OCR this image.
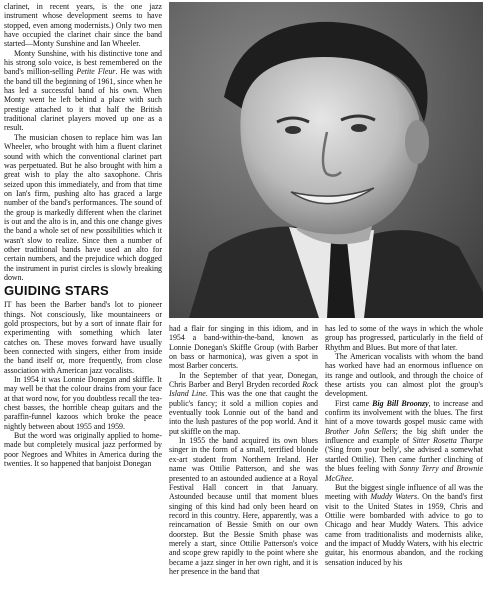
clarinet, in recent years, is the one jazz instrument whose development seems to have stopped, even among modernists.) Only two men have occupied the clarinet chair since the band started—Monty Sunshine and Ian Wheeler.

Monty Sunshine, with his distinctive tone and his strong solo voice, is best remembered on the band's million-selling Petite Fleur. He was with the band till the beginning of 1961, since when he has led a successful band of his own. When Monty went he left behind a place with such prestige attached to it that half the British traditional clarinet players moved up one as a result.

The musician chosen to replace him was Ian Wheeler, who brought with him a fluent clarinet sound with which the conventional clarinet part was perpetuated. But he also brought with him a great wish to play the alto saxophone. Chris seized upon this immediately, and from that time on Ian's firm, pushing alto has graced a large number of the band's performances. The sound of the group is markedly different when the clarinet is out and the alto is in, and this one change gives the band a whole set of new possibilities which it wasn't slow to realize. Since then a number of other traditional bands have used an alto for certain numbers, and the prejudice which dogged the instrument in purist circles is slowly breaking down.

GUIDING STARS

IT has been the Barber band's lot to pioneer things. Not consciously, like mountaineers or gold prospectors, but by a sort of innate flair for experimenting with something which later catches on. These moves forward have usually been connected with singers, either from inside the band itself or, more frequently, from close association with American jazz vocalists.

In 1954 it was Lonnie Donegan and skiffle. It may well be that the colour drains from your face at that word now, for you doubtless recall the tea-chest basses, the horrible cheap guitars and the paraffin-funnel kazoos which broke the peace nightly between about 1955 and 1959.

But the word was originally applied to home-made but completely musical jazz performed by poor Negroes and Whites in America during the twenties. It so happened that banjoist Donegan

had a flair for singing in this idiom, and in 1954 a band-within-the-band, known as Lonnie Donegan's Skiffle Group (with Barber on bass or harmonica), was given a spot in most Barber concerts.

In the September of that year, Donegan, Chris Barber and Beryl Bryden recorded Rock Island Line. This was the one that caught the public's fancy; it sold a million copies and eventually took Lonnie out of the band and into the lush pastures of the pop world. And it put skiffle on the map.

In 1955 the band acquired its own blues singer in the form of a small, terrified blonde ex-art student from Northern Ireland. Her name was Ottilie Patterson, and she was presented to an astounded audience at a Royal Festival Hall concert in that January. Astounded because until that moment blues singing of this kind had only been heard on record in this country. Here, apparently, was a reincarnation of Bessie Smith on our own doorstep. But the Bessie Smith phase was merely a start, since Ottilie Patterson's voice and scope grew rapidly to the point where she became a jazz singer in her own right, and it is her presence in the band that

has led to some of the ways in which the whole group has progressed, particularly in the field of Rhythm and Blues. But more of that later.

The American vocalists with whom the band has worked have had an enormous influence on its range and outlook, and through the choice of these artists you can almost plot the group's development.

First came Big Bill Broonzy, to increase and confirm its involvement with the blues. The first hint of a move towards gospel music came with Brother John Sellers; the big shift under the influence and example of Sitter Rosetta Tharpe ('Sing from your belly', she advised a somewhat startled Ottilie). Then came further clinching of the blues feeling with Sonny Terry and Brownie McGhee.

But the biggest single influence of all was the meeting with Muddy Waters. On the band's first visit to the United States in 1959, Chris and Ottilie were bombarded with advice to go to Chicago and hear Muddy Waters. This advice came from traditionalists and modernists alike, and the impact of Muddy Waters, with his electric guitar, his enormous abandon, and the rocking sensation induced by his
